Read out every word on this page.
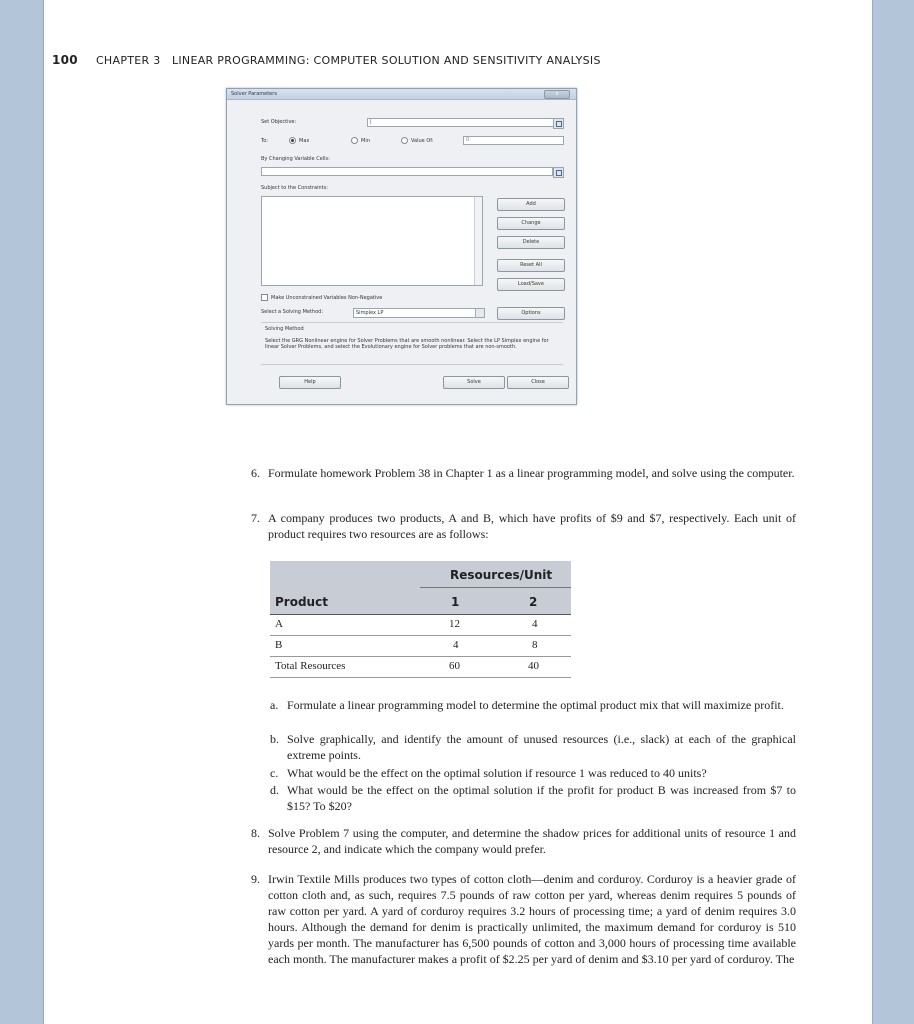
100 CHAPTER 3   LINEAR PROGRAMMING: COMPUTER SOLUTION AND SENSITIVITY ANALYSIS
Solver Parameters	x
Set Objective:	|
To:	Max	Min	Value Of:	0
By Changing Variable Cells:
Subject to the Constraints:
Add
Change
Delete
Reset All
Load/Save
Make Unconstrained Variables Non-Negative
Select a Solving Method:	Simplex LP	Options
Solving Method
Select the GRG Nonlinear engine for Solver Problems that are smooth nonlinear. Select the LP Simplex engine for linear Solver Problems, and select the Evolutionary engine for Solver problems that are non-smooth.
Help	Solve	Close
6. Formulate homework Problem 38 in Chapter 1 as a linear programming model, and solve using the computer.
7. A company produces two products, A and B, which have profits of $9 and $7, respectively. Each unit of product requires two resources are as follows:
Resources/Unit
Product	1	2
A	12	4
B	4	8
Total Resources	60	40
a. Formulate a linear programming model to determine the optimal product mix that will maximize profit.
b. Solve graphically, and identify the amount of unused resources (i.e., slack) at each of the graphical extreme points.
c. What would be the effect on the optimal solution if resource 1 was reduced to 40 units?
d. What would be the effect on the optimal solution if the profit for product B was increased from $7 to $15? To $20?
8. Solve Problem 7 using the computer, and determine the shadow prices for additional units of resource 1 and resource 2, and indicate which the company would prefer.
9. Irwin Textile Mills produces two types of cotton cloth—denim and corduroy. Corduroy is a heavier grade of cotton cloth and, as such, requires 7.5 pounds of raw cotton per yard, whereas denim requires 5 pounds of raw cotton per yard. A yard of corduroy requires 3.2 hours of processing time; a yard of denim requires 3.0 hours. Although the demand for denim is practically unlimited, the maximum demand for corduroy is 510 yards per month. The manufacturer has 6,500 pounds of cotton and 3,000 hours of processing time available each month. The manufacturer makes a profit of $2.25 per yard of denim and $3.10 per yard of corduroy. The
